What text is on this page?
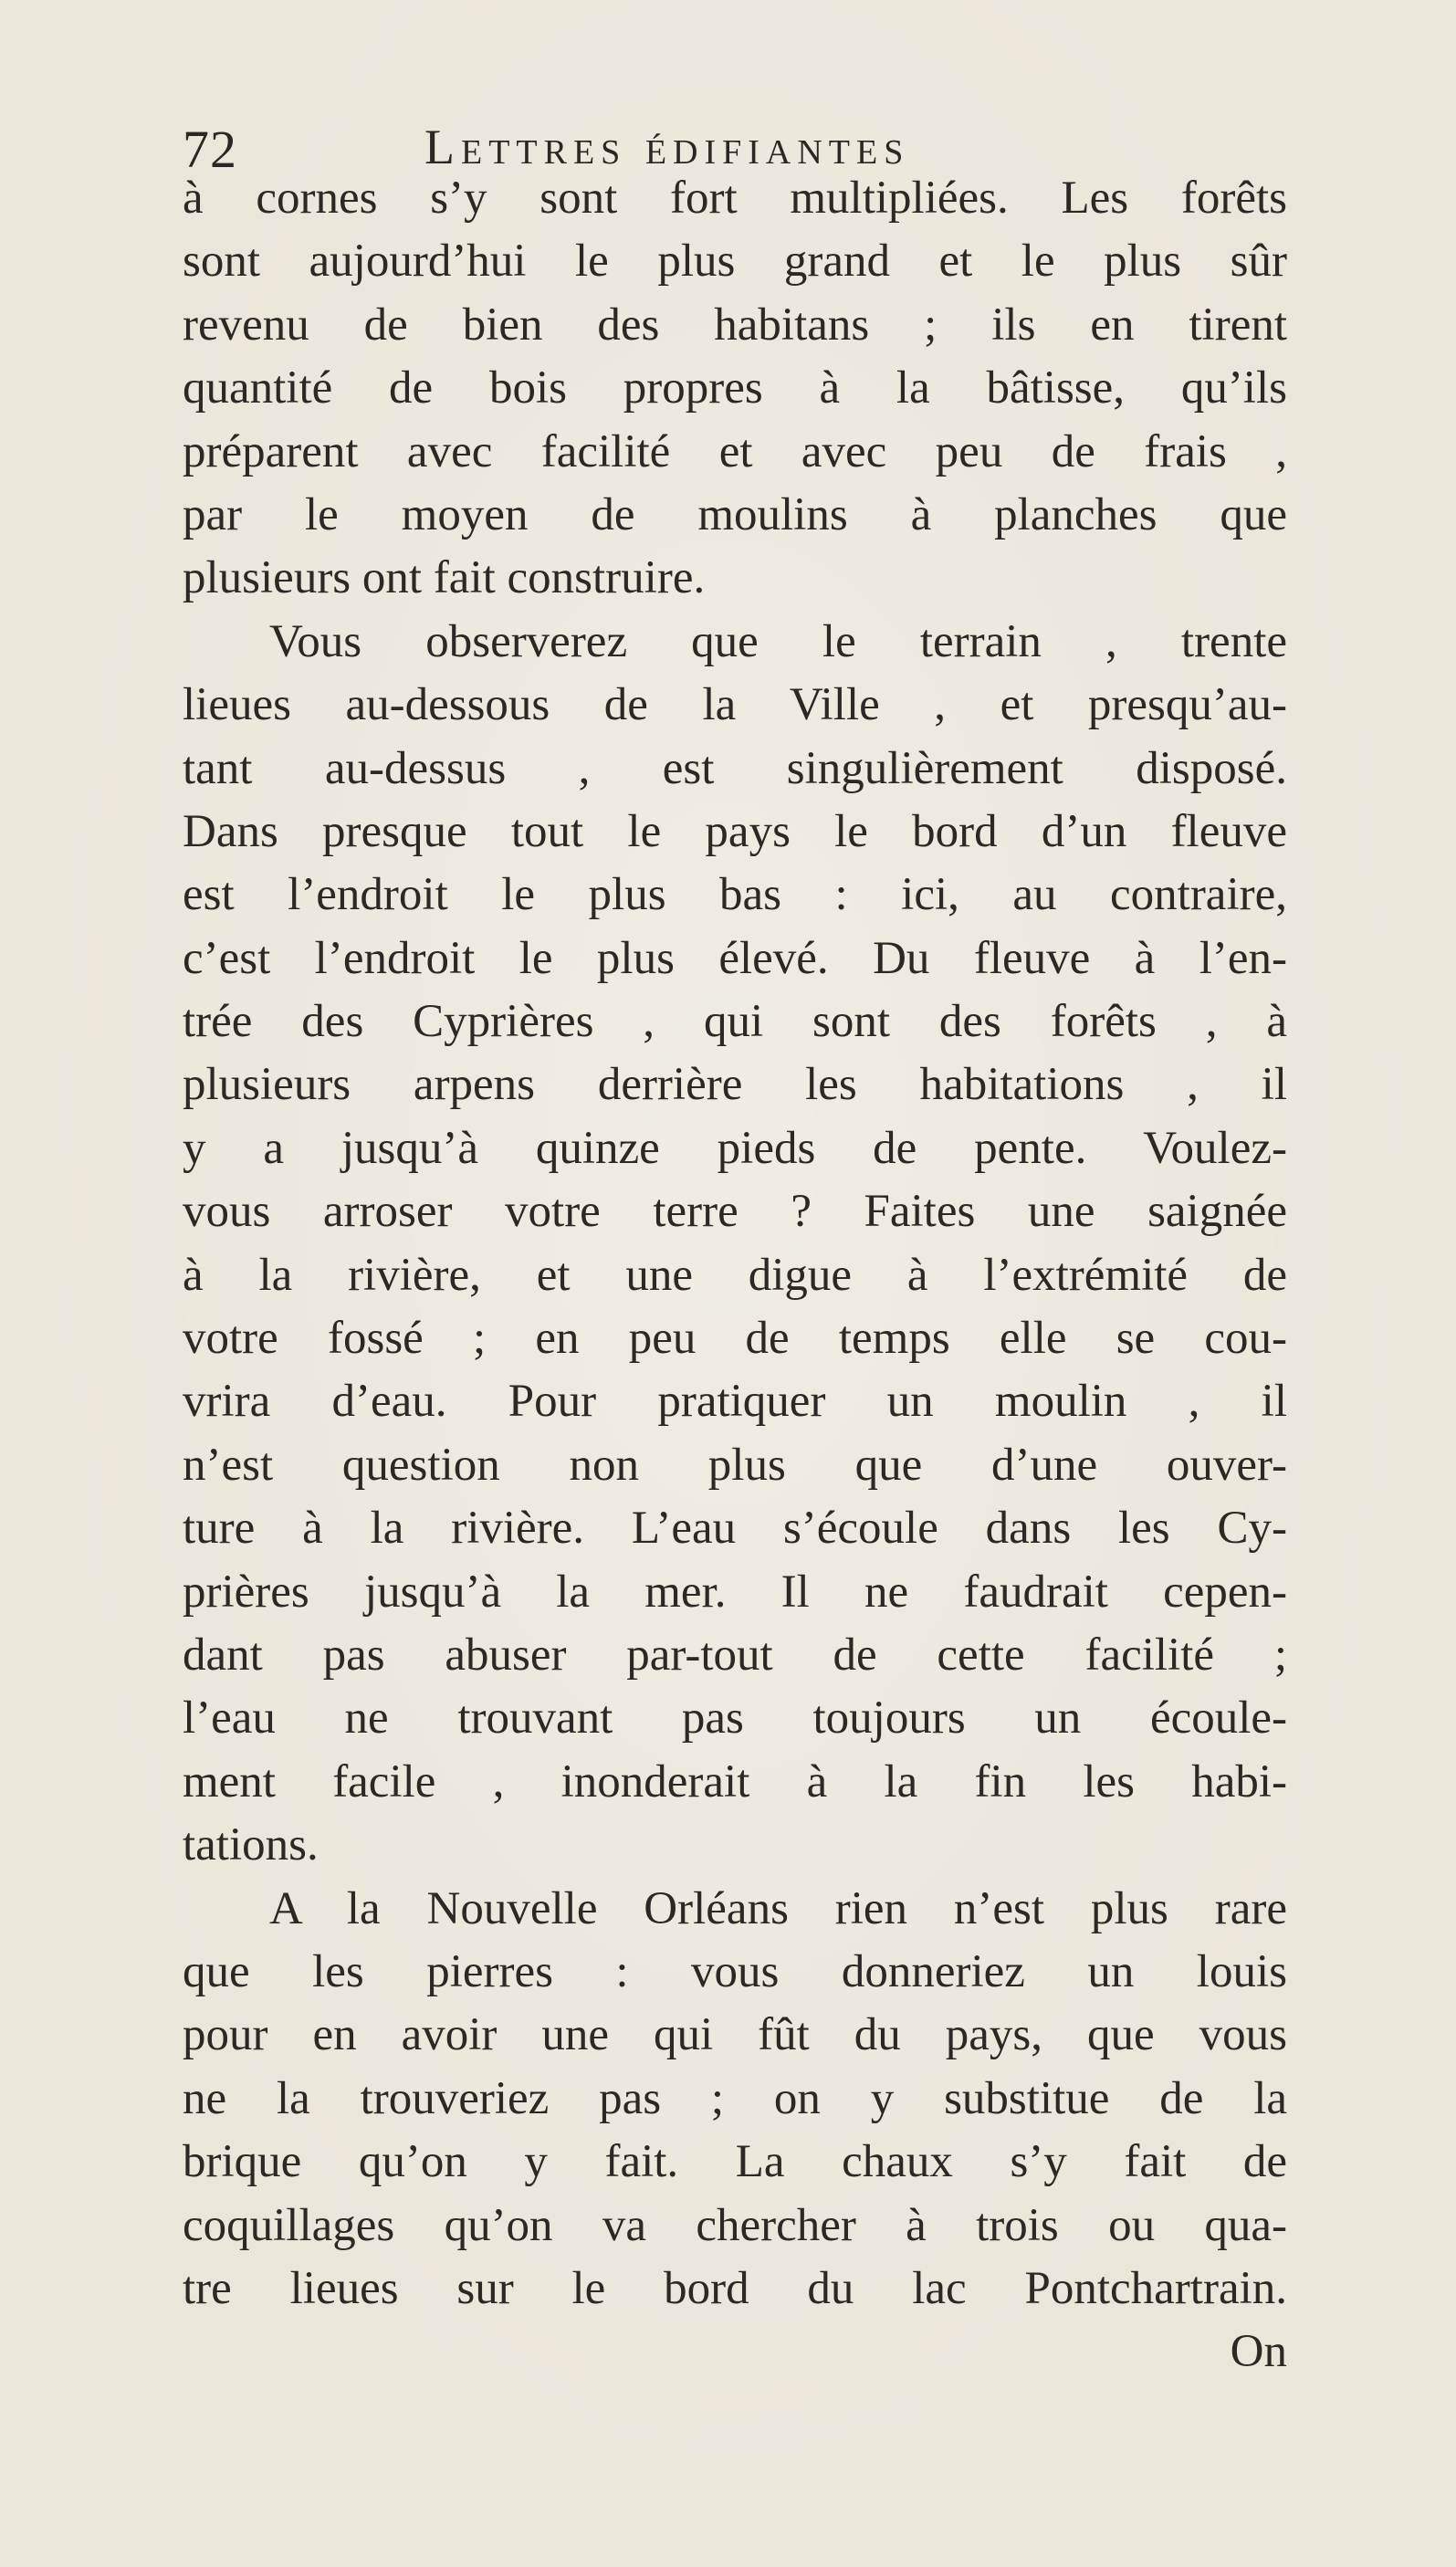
72	Lettres édifiantes
à cornes s’y sont fort multipliées. Les forêts
sont aujourd’hui le plus grand et le plus sûr
revenu de bien des habitans ; ils en tirent
quantité de bois propres à la bâtisse, qu’ils
préparent avec facilité et avec peu de frais ,
par le moyen de moulins à planches que
plusieurs ont fait construire.
Vous observerez que le terrain , trente
lieues au-dessous de la Ville , et presqu’au-
tant au-dessus , est singulièrement disposé.
Dans presque tout le pays le bord d’un fleuve
est l’endroit le plus bas : ici, au contraire,
c’est l’endroit le plus élevé. Du fleuve à l’en-
trée des Cyprières , qui sont des forêts , à
plusieurs arpens derrière les habitations , il
y a jusqu’à quinze pieds de pente. Voulez-
vous arroser votre terre ? Faites une saignée
à la rivière, et une digue à l’extrémité de
votre fossé ; en peu de temps elle se cou-
vrira d’eau. Pour pratiquer un moulin , il
n’est question non plus que d’une ouver-
ture à la rivière. L’eau s’écoule dans les Cy-
prières jusqu’à la mer. Il ne faudrait cepen-
dant pas abuser par-tout de cette facilité ;
l’eau ne trouvant pas toujours un écoule-
ment facile , inonderait à la fin les habi-
tations.
A la Nouvelle Orléans rien n’est plus rare
que les pierres : vous donneriez un louis
pour en avoir une qui fût du pays, que vous
ne la trouveriez pas ; on y substitue de la
brique qu’on y fait. La chaux s’y fait de
coquillages qu’on va chercher à trois ou qua-
tre lieues sur le bord du lac Pontchartrain.
On
